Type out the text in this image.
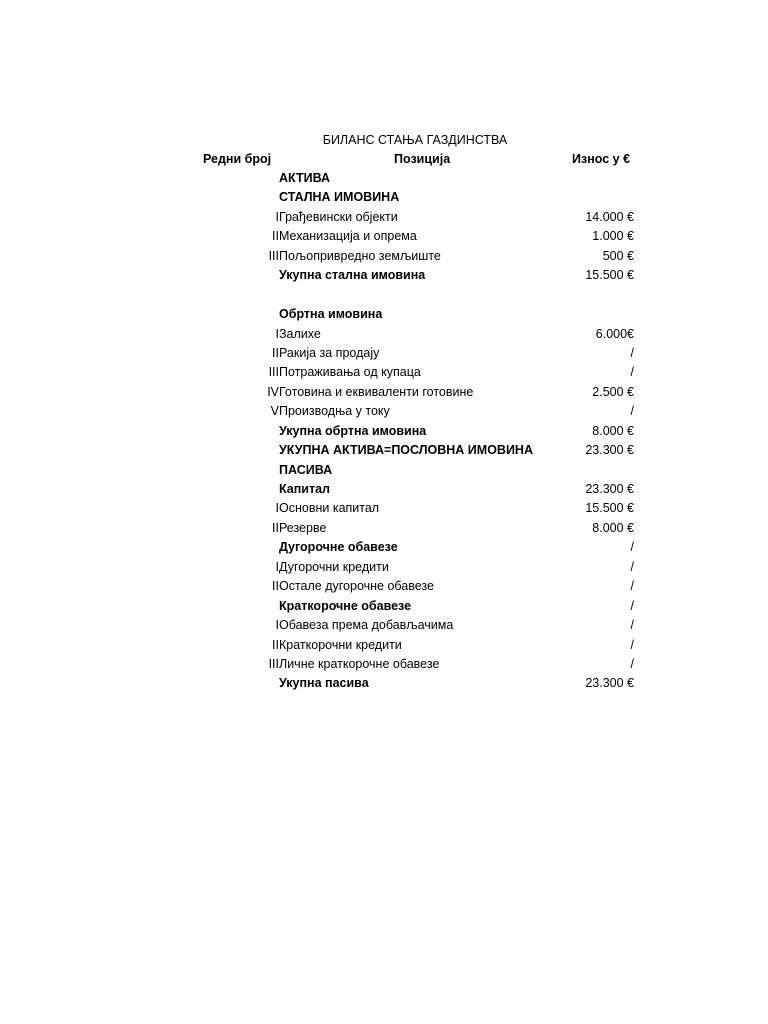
БИЛАНС СТАЊА ГАЗДИНСТВА
Редни број	Позиција	Износ у €
АКТИВА
СТАЛНА ИМОВИНА
I Грађевински објекти	14.000 €
II Механизација и опрема	1.000 €
III Пољопривредно земљиште	500 €
Укупна стална имовина	15.500 €
Обртна имовина
I Залихе	6.000€
II Ракија за продају	/
III Потраживања од купаца	/
IV Готовина и еквиваленти готовине	2.500 €
V Производња у току	/
Укупна обртна имовина	8.000 €
УКУПНА АКТИВА=ПОСЛОВНА ИМОВИНА	23.300 €
ПАСИВА
Капитал	23.300 €
I Основни капитал	15.500 €
II Резерве	8.000 €
Дугорочне обавезе	/
I Дугорочни кредити	/
II Остале дугорочне обавезе	/
Краткорочне обавезе	/
I Обавеза према добављачима	/
II Краткорочни кредити	/
III Личне краткорочне обавезе	/
Укупна пасива	23.300 €
